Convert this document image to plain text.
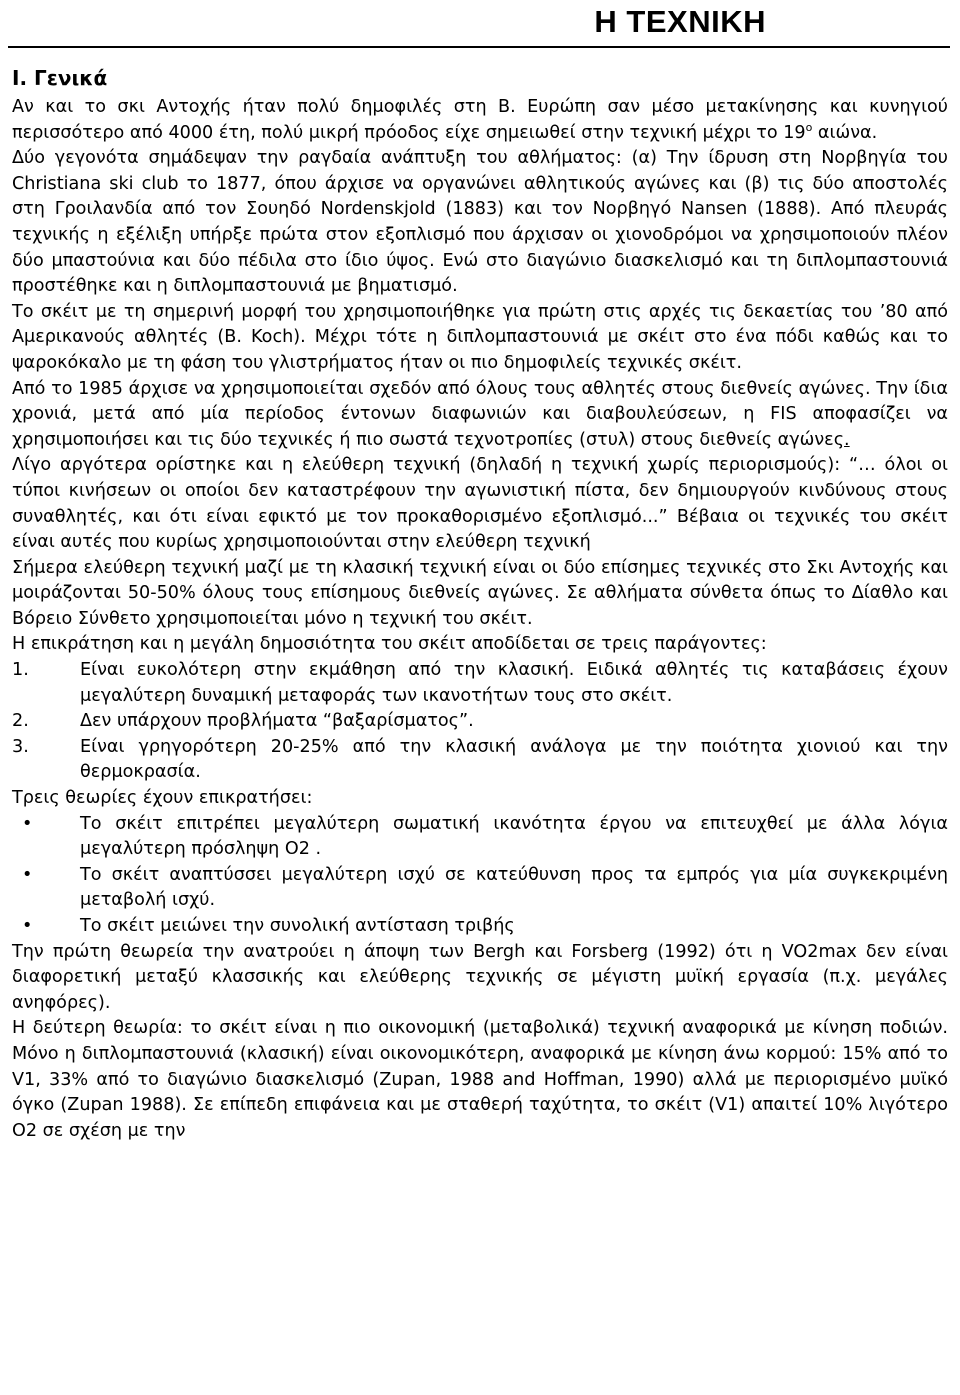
Η ΤΕΧΝΙΚΗ
Ι. Γενικά

Αν και το σκι Αντοχής ήταν πολύ δημοφιλές στη Β. Ευρώπη σαν μέσο μετακίνησης και κυνηγιού περισσότερο από 4000 έτη, πολύ μικρή πρόοδος είχε σημειωθεί στην τεχνική μέχρι το $19^o$ αιώνα.

Δύο γεγονότα σημάδεψαν την ραγδαία ανάπτυξη του αθλήματος: (α) Την ίδρυση στη Νορβηγία του Christiana ski club το 1877, όπου άρχισε να οργανώνει αθλητικούς αγώνες και (β) τις δύο αποστολές στη Γροιλανδία από τον Σουηδό Nordenskjold (1883) και τον Νορβηγό Nansen (1888). Από πλευράς τεχνικής η εξέλιξη υπήρξε πρώτα στον εξοπλισμό που άρχισαν οι χιονοδρόμοι να χρησιμοποιούν πλέον δύο μπαστούνια και δύο πέδιλα στο ίδιο ύψος. Ενώ στο διαγώνιο διασκελισμό και τη διπλομπαστουνιά προστέθηκε και η διπλομπαστουνιά με βηματισμό.

Το σκέιτ με τη σημερινή μορφή του χρησιμοποιήθηκε για πρώτη στις αρχές τις δεκαετίας του ’80 από Αμερικανούς αθλητές (Β. Koch). Μέχρι τότε η διπλομπαστουνιά με σκέιτ στο ένα πόδι καθώς και το ψαροκόκαλο με τη φάση του γλιστρήματος ήταν οι πιο δημοφιλείς τεχνικές σκέιτ.

Από το 1985 άρχισε να χρησιμοποιείται σχεδόν από όλους τους αθλητές στους διεθνείς αγώνες. Την ίδια χρονιά, μετά από μία περίοδος έντονων διαφωνιών και διαβουλεύσεων, η FIS αποφασίζει να χρησιμοποιήσει και τις δύο τεχνικές ή πιο σωστά τεχνοτροπίες (στυλ) στους διεθνείς αγώνες.

Λίγο αργότερα ορίστηκε και η ελεύθερη τεχνική (δηλαδή η τεχνική χωρίς περιορισμούς): “… όλοι οι τύποι κινήσεων οι οποίοι δεν καταστρέφουν την αγωνιστική πίστα, δεν δημιουργούν κινδύνους στους συναθλητές, και ότι είναι εφικτό με τον προκαθορισμένο εξοπλισμό...” Βέβαια οι τεχνικές του σκέιτ είναι αυτές που κυρίως χρησιμοποιούνται στην ελεύθερη τεχνική

Σήμερα ελεύθερη τεχνική μαζί με τη κλασική τεχνική είναι οι δύο επίσημες τεχνικές στο Σκι Αντοχής και μοιράζονται 50-50% όλους τους επίσημους διεθνείς αγώνες. Σε αθλήματα σύνθετα όπως το Δίαθλο και Βόρειο Σύνθετο χρησιμοποιείται μόνο η τεχνική του σκέιτ.

Η επικράτηση και η μεγάλη δημοσιότητα του σκέιτ αποδίδεται σε τρεις παράγοντες:

1.	Είναι ευκολότερη στην εκμάθηση από την κλασική. Ειδικά αθλητές τις καταβάσεις έχουν μεγαλύτερη δυναμική μεταφοράς των ικανοτήτων τους στο σκέιτ.
2.	Δεν υπάρχουν προβλήματα “βαξαρίσματος”.
3.	Είναι γρηγορότερη 20-25% από την κλασική ανάλογα με την ποιότητα χιονιού και την θερμοκρασία.

Τρεις θεωρίες έχουν επικρατήσει:

•	Το σκέιτ επιτρέπει μεγαλύτερη σωματική ικανότητα έργου να επιτευχθεί με άλλα λόγια μεγαλύτερη πρόσληψη Ο2 .
•	Το σκέιτ αναπτύσσει μεγαλύτερη ισχύ σε κατεύθυνση προς τα εμπρός για μία συγκεκριμένη μεταβολή ισχύ.
•	Το σκέιτ μειώνει την συνολική αντίσταση τριβής

Την πρώτη θεωρεία την ανατρούει η άποψη των Bergh και Forsberg (1992) ότι η VO2max δεν είναι διαφορετική μεταξύ κλασσικής και ελεύθερης τεχνικής σε μέγιστη μυϊκή εργασία (π.χ. μεγάλες ανηφόρες).

Η δεύτερη θεωρία: το σκέιτ είναι η πιο οικονομική (μεταβολικά) τεχνική αναφορικά με κίνηση ποδιών. Μόνο η διπλομπαστουνιά (κλασική) είναι οικονομικότερη, αναφορικά με κίνηση άνω κορμού: 15% από το V1, 33% από το διαγώνιο διασκελισμό (Zupan, 1988 and Hoffman, 1990) αλλά με περιορισμένο μυϊκό όγκο (Zupan 1988). Σε επίπεδη επιφάνεια και με σταθερή ταχύτητα, το σκέιτ (V1) απαιτεί 10% λιγότερο Ο2 σε σχέση με την
